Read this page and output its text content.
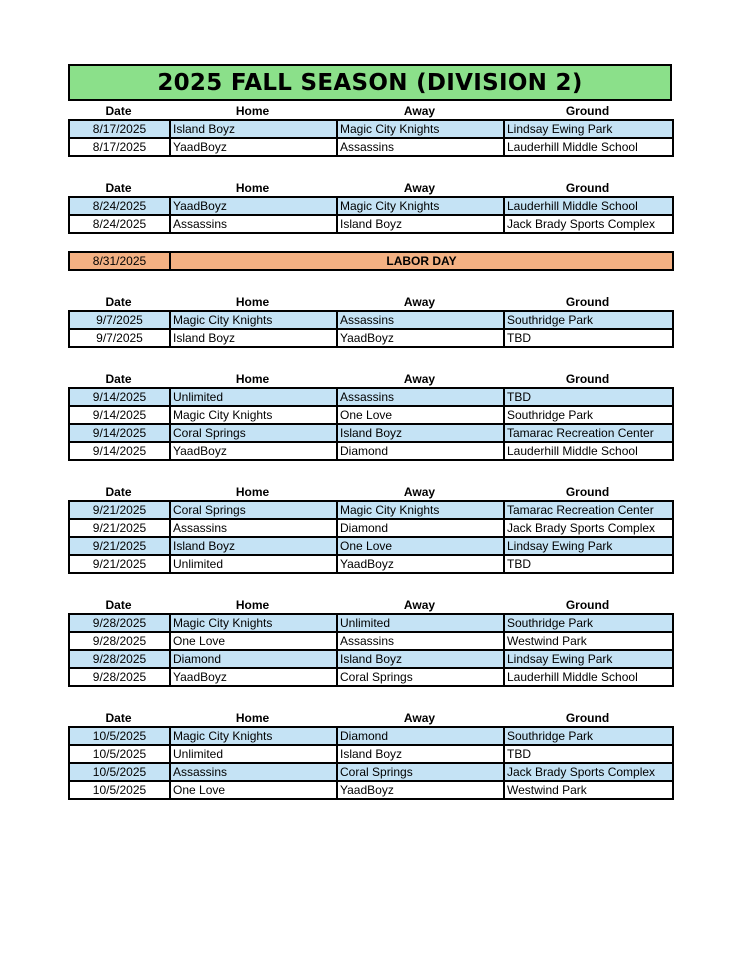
2025 FALL SEASON (DIVISION 2)
Date	Home	Away	Ground
8/17/2025	Island Boyz	Magic City Knights	Lindsay Ewing Park
8/17/2025	YaadBoyz	Assassins	Lauderhill Middle School
Date	Home	Away	Ground
8/24/2025	YaadBoyz	Magic City Knights	Lauderhill Middle School
8/24/2025	Assassins	Island Boyz	Jack Brady Sports Complex
8/31/2025	LABOR DAY
Date	Home	Away	Ground
9/7/2025	Magic City Knights	Assassins	Southridge Park
9/7/2025	Island Boyz	YaadBoyz	TBD
Date	Home	Away	Ground
9/14/2025	Unlimited	Assassins	TBD
9/14/2025	Magic City Knights	One Love	Southridge Park
9/14/2025	Coral Springs	Island Boyz	Tamarac Recreation Center
9/14/2025	YaadBoyz	Diamond	Lauderhill Middle School
Date	Home	Away	Ground
9/21/2025	Coral Springs	Magic City Knights	Tamarac Recreation Center
9/21/2025	Assassins	Diamond	Jack Brady Sports Complex
9/21/2025	Island Boyz	One Love	Lindsay Ewing Park
9/21/2025	Unlimited	YaadBoyz	TBD
Date	Home	Away	Ground
9/28/2025	Magic City Knights	Unlimited	Southridge Park
9/28/2025	One Love	Assassins	Westwind Park
9/28/2025	Diamond	Island Boyz	Lindsay Ewing Park
9/28/2025	YaadBoyz	Coral Springs	Lauderhill Middle School
Date	Home	Away	Ground
10/5/2025	Magic City Knights	Diamond	Southridge Park
10/5/2025	Unlimited	Island Boyz	TBD
10/5/2025	Assassins	Coral Springs	Jack Brady Sports Complex
10/5/2025	One Love	YaadBoyz	Westwind Park
